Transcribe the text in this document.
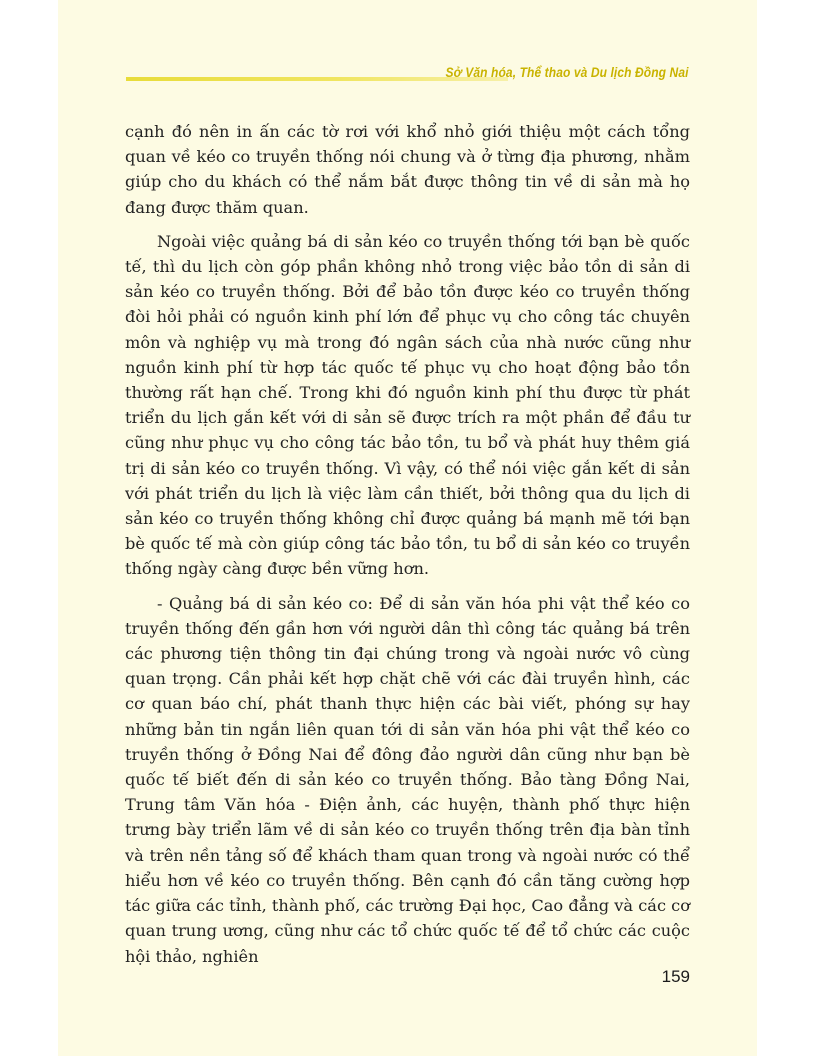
Sở Văn hóa, Thể thao và Du lịch Đồng Nai

cạnh đó nên in ấn các tờ rơi với khổ nhỏ giới thiệu một cách tổng quan về kéo co truyền thống nói chung và ở từng địa phương, nhằm giúp cho du khách có thể nắm bắt được thông tin về di sản mà họ đang được thăm quan.

Ngoài việc quảng bá di sản kéo co truyền thống tới bạn bè quốc tế, thì du lịch còn góp phần không nhỏ trong việc bảo tồn di sản di sản kéo co truyền thống. Bởi để bảo tồn được kéo co truyền thống đòi hỏi phải có nguồn kinh phí lớn để phục vụ cho công tác chuyên môn và nghiệp vụ mà trong đó ngân sách của nhà nước cũng như nguồn kinh phí từ hợp tác quốc tế phục vụ cho hoạt động bảo tồn thường rất hạn chế. Trong khi đó nguồn kinh phí thu được từ phát triển du lịch gắn kết với di sản sẽ được trích ra một phần để đầu tư cũng như phục vụ cho công tác bảo tồn, tu bổ và phát huy thêm giá trị di sản kéo co truyền thống. Vì vậy, có thể nói việc gắn kết di sản với phát triển du lịch là việc làm cần thiết, bởi thông qua du lịch di sản kéo co truyền thống không chỉ được quảng bá mạnh mẽ tới bạn bè quốc tế mà còn giúp công tác bảo tồn, tu bổ di sản kéo co truyền thống ngày càng được bền vững hơn.

- Quảng bá di sản kéo co: Để di sản văn hóa phi vật thể kéo co truyền thống đến gần hơn với người dân thì công tác quảng bá trên các phương tiện thông tin đại chúng trong và ngoài nước vô cùng quan trọng. Cần phải kết hợp chặt chẽ với các đài truyền hình, các cơ quan báo chí, phát thanh thực hiện các bài viết, phóng sự hay những bản tin ngắn liên quan tới di sản văn hóa phi vật thể kéo co truyền thống ở Đồng Nai để đông đảo người dân cũng như bạn bè quốc tế biết đến di sản kéo co truyền thống. Bảo tàng Đồng Nai, Trung tâm Văn hóa - Điện ảnh, các huyện, thành phố thực hiện trưng bày triển lãm về di sản kéo co truyền thống trên địa bàn tỉnh và trên nền tảng số để khách tham quan trong và ngoài nước có thể hiểu hơn về kéo co truyền thống. Bên cạnh đó cần tăng cường hợp tác giữa các tỉnh, thành phố, các trường Đại học, Cao đẳng và các cơ quan trung ương, cũng như các tổ chức quốc tế để tổ chức các cuộc hội thảo, nghiên

159
